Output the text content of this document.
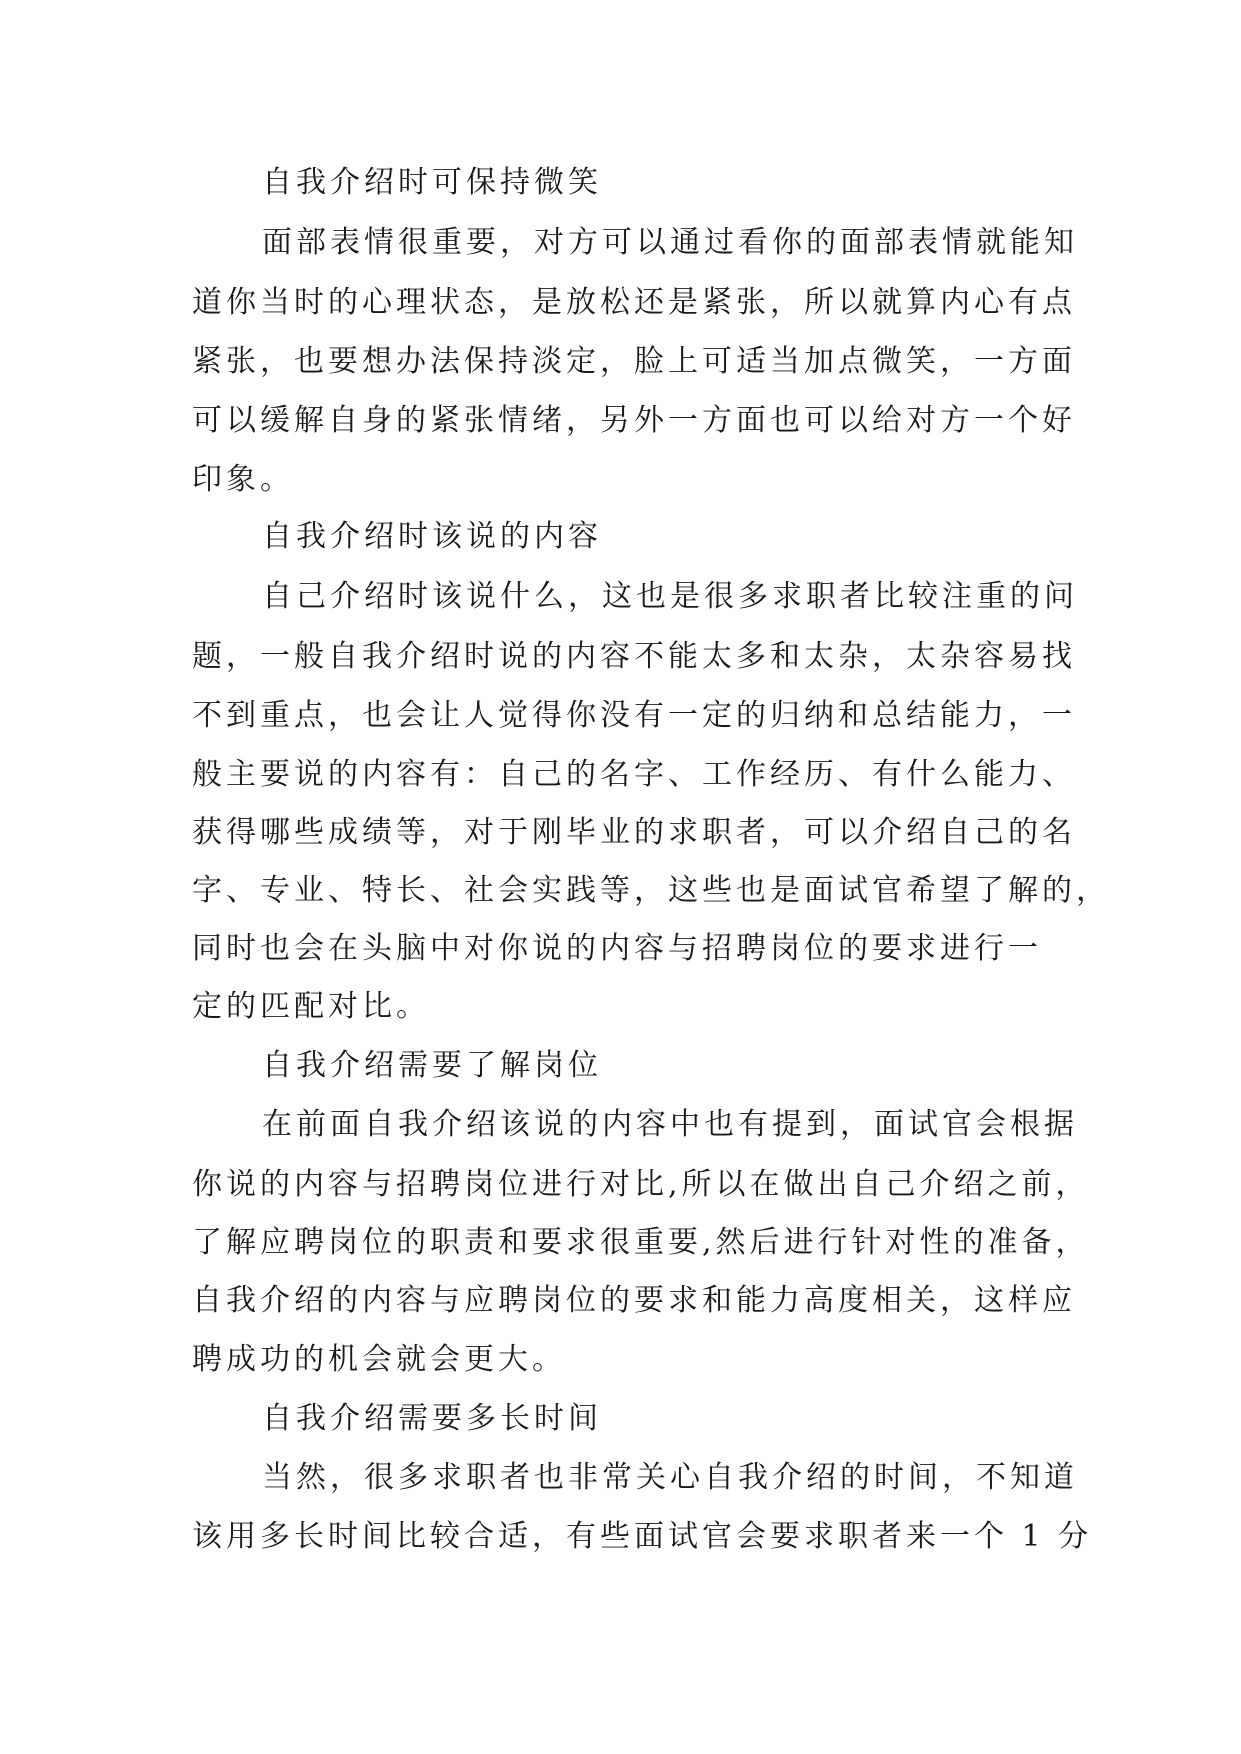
自我介绍时可保持微笑
面部表情很重要，对方可以通过看你的面部表情就能知
道你当时的心理状态，是放松还是紧张，所以就算内心有点
紧张，也要想办法保持淡定，脸上可适当加点微笑，一方面
可以缓解自身的紧张情绪，另外一方面也可以给对方一个好
印象。
自我介绍时该说的内容
自己介绍时该说什么，这也是很多求职者比较注重的问
题，一般自我介绍时说的内容不能太多和太杂，太杂容易找
不到重点，也会让人觉得你没有一定的归纳和总结能力，一
般主要说的内容有：自己的名字、工作经历、有什么能力、
获得哪些成绩等，对于刚毕业的求职者，可以介绍自己的名
字、专业、特长、社会实践等，这些也是面试官希望了解的，
同时也会在头脑中对你说的内容与招聘岗位的要求进行一
定的匹配对比。
自我介绍需要了解岗位
在前面自我介绍该说的内容中也有提到，面试官会根据
你说的内容与招聘岗位进行对比,所以在做出自己介绍之前，
了解应聘岗位的职责和要求很重要,然后进行针对性的准备，
自我介绍的内容与应聘岗位的要求和能力高度相关，这样应
聘成功的机会就会更大。
自我介绍需要多长时间
当然，很多求职者也非常关心自我介绍的时间，不知道
该用多长时间比较合适，有些面试官会要求职者来一个 1 分
